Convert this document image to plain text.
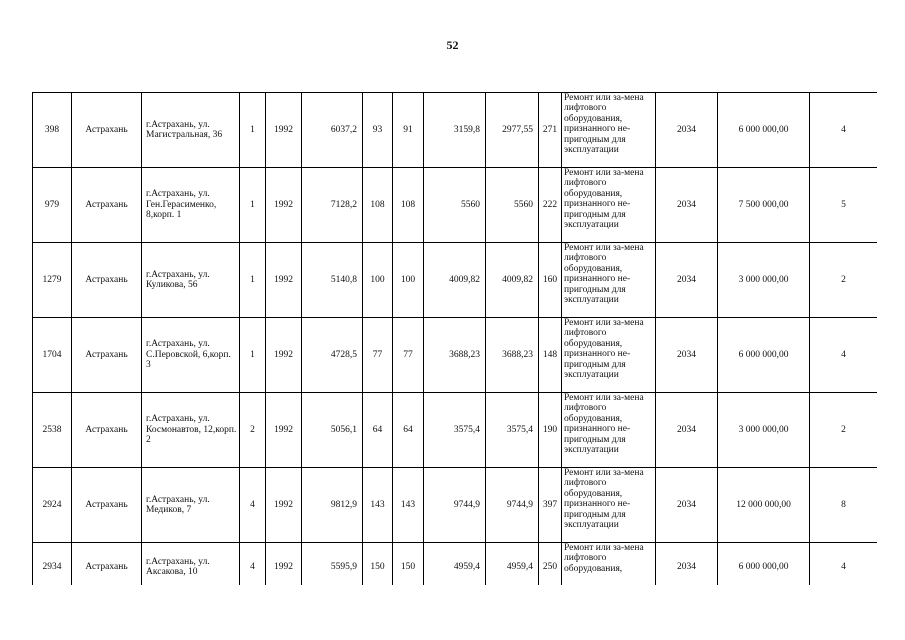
52
398	Астрахань	г.Астрахань, ул. Магистральная, 36	1	1992	6037,2	93	91	3159,8	2977,55	271	Ремонт или за-мена лифтового оборудования, признанного не-пригодным для эксплуатации	2034	6 000 000,00	4
979	Астрахань	г.Астрахань, ул. Ген.Герасименко, 8,корп. 1	1	1992	7128,2	108	108	5560	5560	222	Ремонт или за-мена лифтового оборудования, признанного не-пригодным для эксплуатации	2034	7 500 000,00	5
1279	Астрахань	г.Астрахань, ул. Куликова, 56	1	1992	5140,8	100	100	4009,82	4009,82	160	Ремонт или за-мена лифтового оборудования, признанного не-пригодным для эксплуатации	2034	3 000 000,00	2
1704	Астрахань	г.Астрахань, ул. С.Перовской, 6,корп. 3	1	1992	4728,5	77	77	3688,23	3688,23	148	Ремонт или за-мена лифтового оборудования, признанного не-пригодным для эксплуатации	2034	6 000 000,00	4
2538	Астрахань	г.Астрахань, ул. Космонавтов, 12,корп. 2	2	1992	5056,1	64	64	3575,4	3575,4	190	Ремонт или за-мена лифтового оборудования, признанного не-пригодным для эксплуатации	2034	3 000 000,00	2
2924	Астрахань	г.Астрахань, ул. Медиков, 7	4	1992	9812,9	143	143	9744,9	9744,9	397	Ремонт или за-мена лифтового оборудования, признанного не-пригодным для эксплуатации	2034	12 000 000,00	8
2934	Астрахань	г.Астрахань, ул. Аксакова, 10	4	1992	5595,9	150	150	4959,4	4959,4	250	Ремонт или за-мена лифтового оборудования,	2034	6 000 000,00	4
